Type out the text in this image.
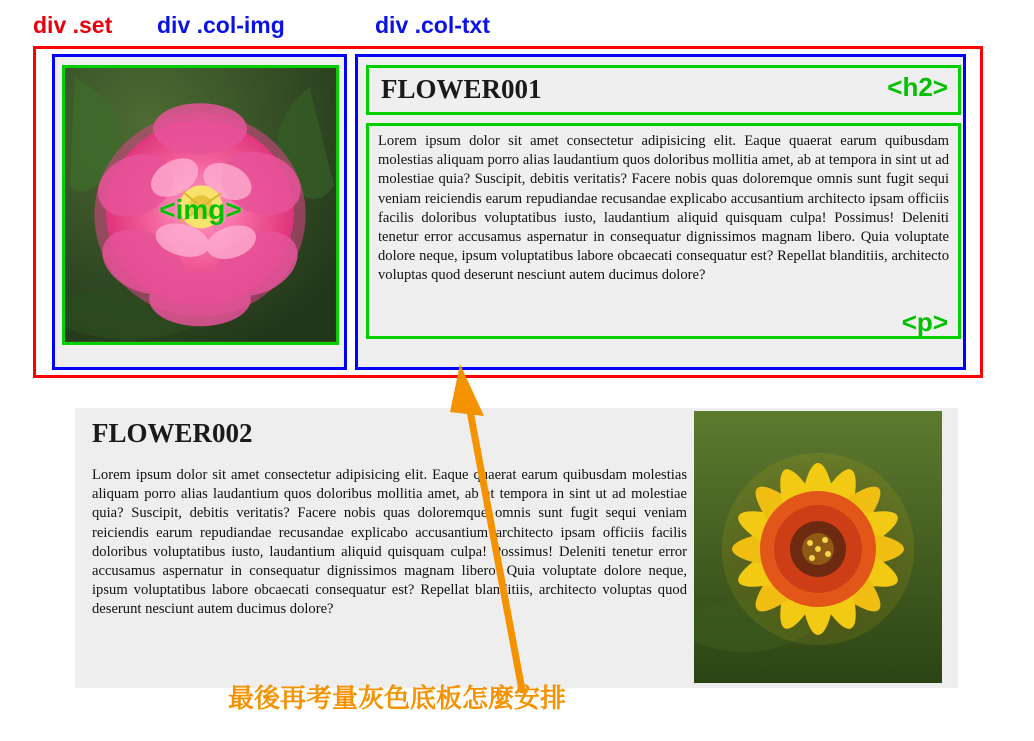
div .set div .col-img	div .col-txt
<img>
FLOWER001	<h2>

Lorem ipsum dolor sit amet consectetur adipisicing elit. Eaque quaerat earum quibusdam molestias aliquam porro alias laudantium quos doloribus mollitia amet, ab at tempora in sint ut ad molestiae quia? Suscipit, debitis veritatis? Facere nobis quas doloremque omnis sunt fugit sequi veniam reiciendis earum repudiandae recusandae explicabo accusantium architecto ipsam officiis facilis doloribus voluptatibus iusto, laudantium aliquid quisquam culpa! Possimus! Deleniti tenetur error accusamus aspernatur in consequatur dignissimos magnam libero. Quia voluptate dolore neque, ipsum voluptatibus labore obcaecati consequatur est? Repellat blanditiis, architecto voluptas quod deserunt nesciunt autem ducimus dolore?

<p>
FLOWER002

Lorem ipsum dolor sit amet consectetur adipisicing elit. Eaque quaerat earum quibusdam molestias aliquam porro alias laudantium quos doloribus mollitia amet, ab at tempora in sint ut ad molestiae quia? Suscipit, debitis veritatis? Facere nobis quas doloremque omnis sunt fugit sequi veniam reiciendis earum repudiandae recusandae explicabo accusantium architecto ipsam officiis facilis doloribus voluptatibus iusto, laudantium aliquid quisquam culpa! Possimus! Deleniti tenetur error accusamus aspernatur in consequatur dignissimos magnam libero. Quia voluptate dolore neque, ipsum voluptatibus labore obcaecati consequatur est? Repellat blanditiis, architecto voluptas quod deserunt nesciunt autem ducimus dolore?

最後再考量灰色底板怎麼安排
